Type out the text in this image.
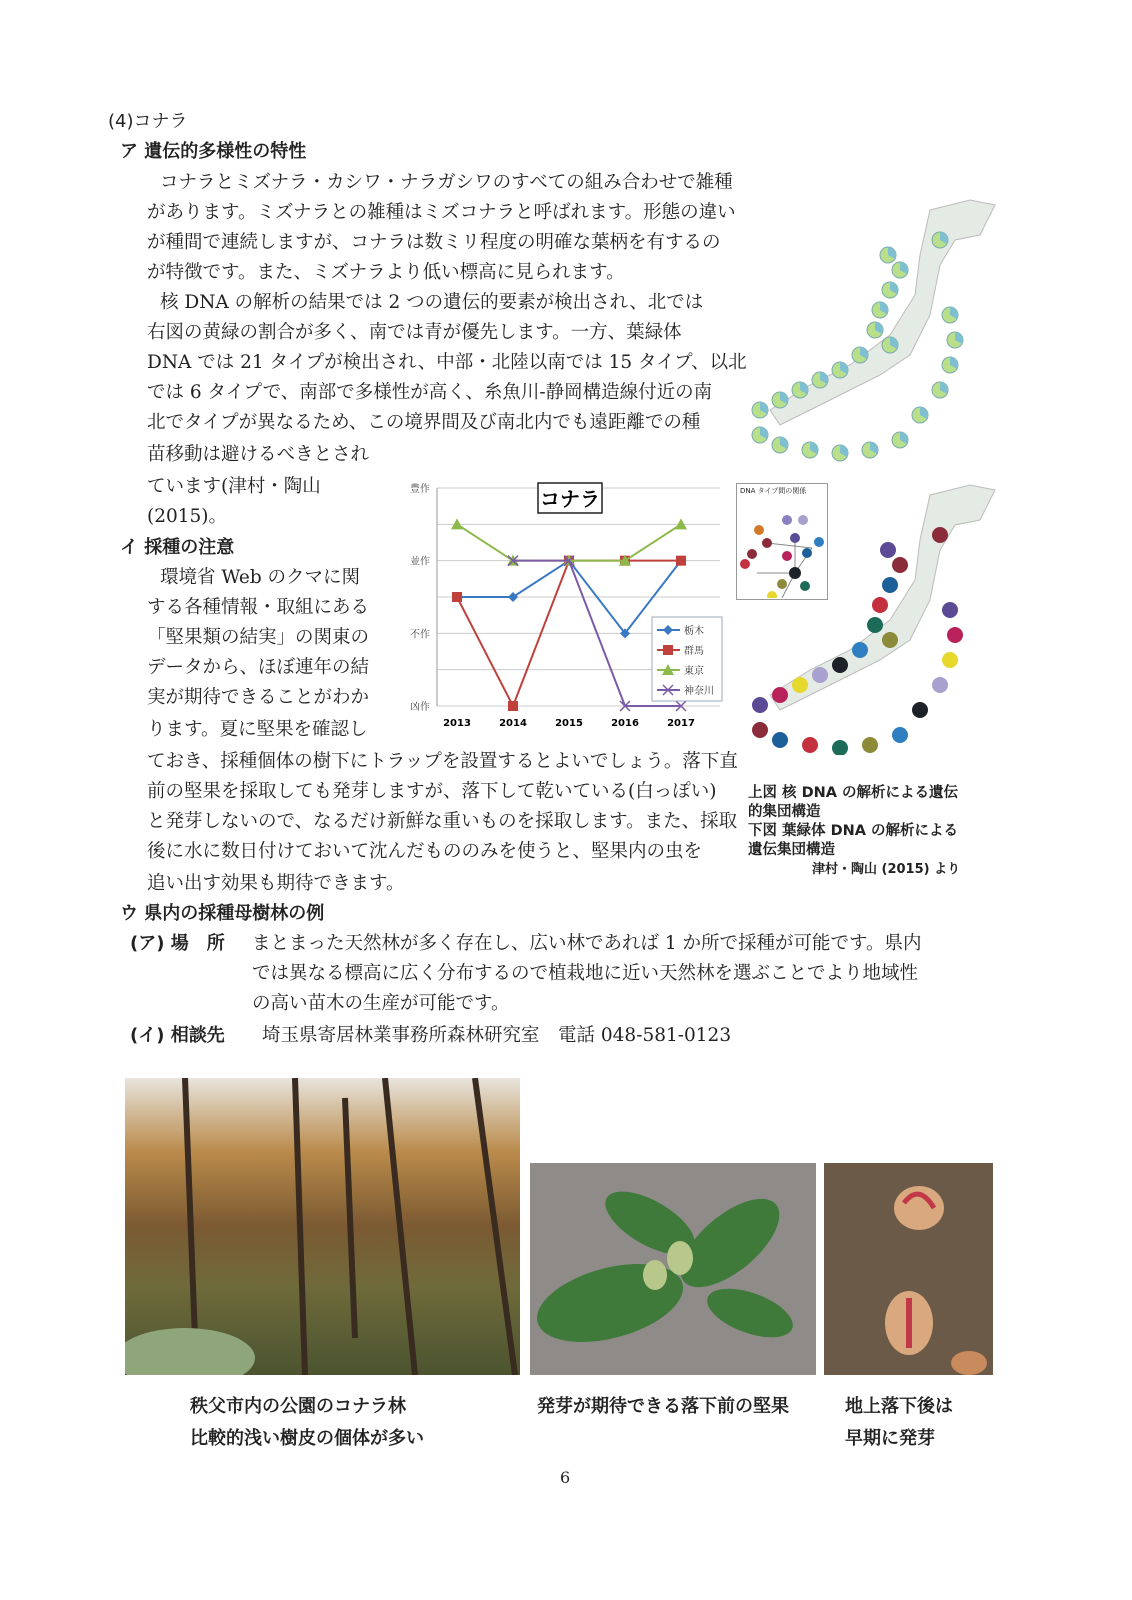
(4)コナラ
ア 遺伝的多様性の特性
コナラとミズナラ・カシワ・ナラガシワのすべての組み合わせで雑種
があります。ミズナラとの雑種はミズコナラと呼ばれます。形態の違い
が種間で連続しますが、コナラは数ミリ程度の明確な葉柄を有するの
が特徴です。また、ミズナラより低い標高に見られます。
核 DNA の解析の結果では 2 つの遺伝的要素が検出され、北では
右図の黄緑の割合が多く、南では青が優先します。一方、葉緑体
DNA では 21 タイプが検出され、中部・北陸以南では 15 タイプ、以北
では 6 タイプで、南部で多様性が高く、糸魚川-静岡構造線付近の南
北でタイプが異なるため、この境界間及び南北内でも遠距離での種
苗移動は避けるべきとされ
ています(津村・陶山
(2015)。
イ 採種の注意
環境省 Web のクマに関
する各種情報・取組にある
「堅果類の結実」の関東の
データから、ほぼ連年の結
実が期待できることがわか
ります。夏に堅果を確認し
ておき、採種個体の樹下にトラップを設置するとよいでしょう。落下直
前の堅果を採取しても発芽しますが、落下して乾いている(白っぽい)
と発芽しないので、なるだけ新鮮な重いものを採取します。また、採取
後に水に数日付けておいて沈んだもののみを使うと、堅果内の虫を
追い出す効果も期待できます。
ウ 県内の採種母樹林の例
(ア) 場　所 まとまった天然林が多く存在し、広い林であれば 1 か所で採種が可能です。県内
では異なる標高に広く分布するので植栽地に近い天然林を選ぶことでより地域性
の高い苗木の生産が可能です。
(イ) 相談先 埼玉県寄居林業事務所森林研究室　電話 048-581-0123
DNA タイプ間の関係
上図 核 DNA の解析による遺伝
的集団構造
下図 葉緑体 DNA の解析による
遺伝集団構造
津村・陶山 (2015) より
凶作
不作
並作
豊作
2013	2014	2015	2016	2017
コナラ
栃木
群馬
東京
神奈川
秩父市内の公園のコナラ林
比較的浅い樹皮の個体が多い
発芽が期待できる落下前の堅果	地上落下後は
早期に発芽
6
